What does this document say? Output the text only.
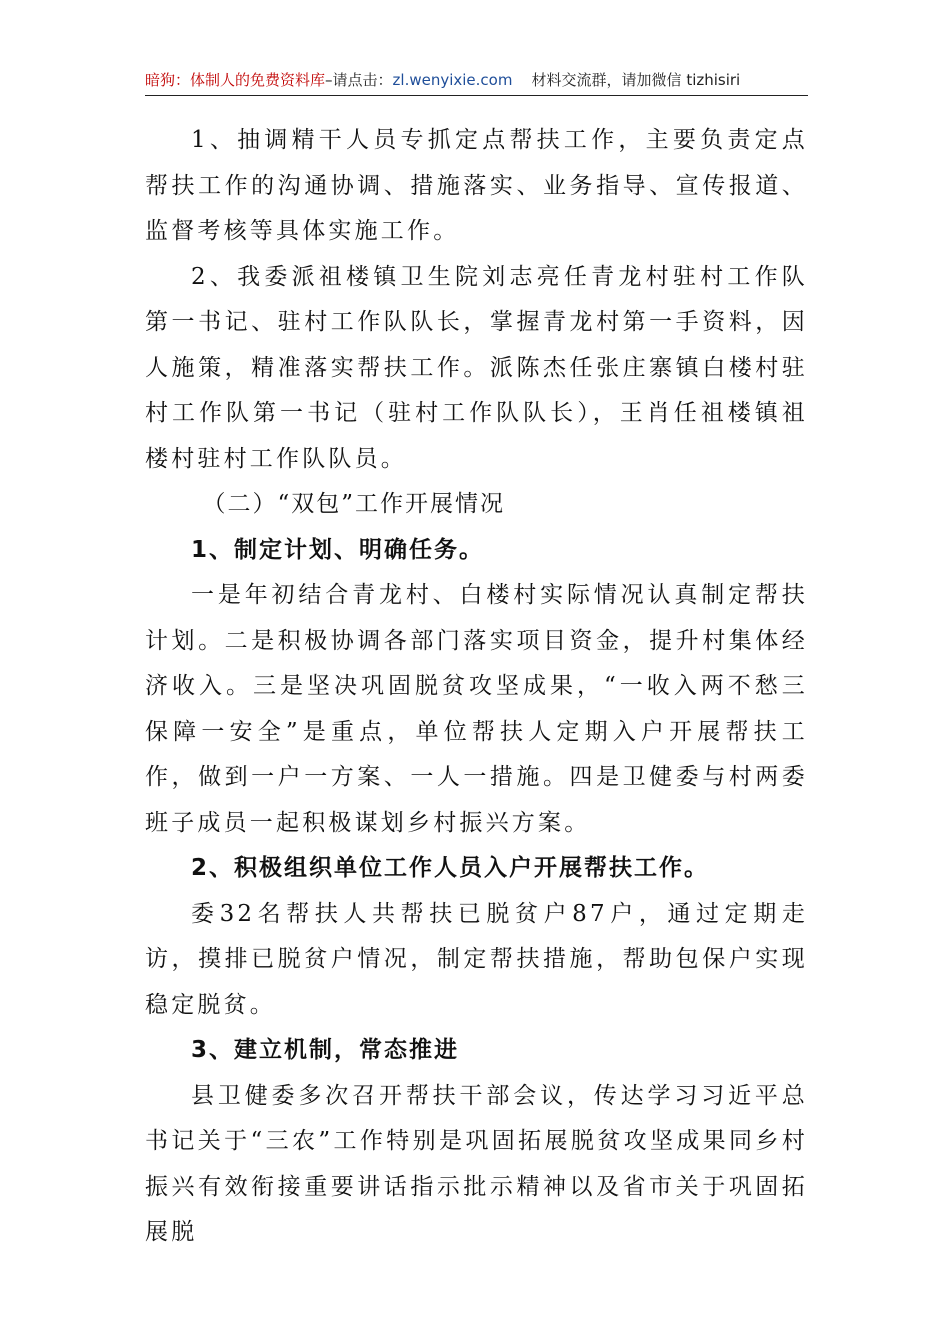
暗狗：体制人的免费资料库–请点击：zl.wenyixie.com 材料交流群，请加微信 tizhisiri

1、抽调精干人员专抓定点帮扶工作，主要负责定点帮扶工作的沟通协调、措施落实、业务指导、宣传报道、监督考核等具体实施工作。

2、我委派祖楼镇卫生院刘志亮任青龙村驻村工作队第一书记、驻村工作队队长，掌握青龙村第一手资料，因人施策，精准落实帮扶工作。派陈杰任张庄寨镇白楼村驻村工作队第一书记（驻村工作队队长），王肖任祖楼镇祖楼村驻村工作队队员。

（二）“双包”工作开展情况

1、制定计划、明确任务。

一是年初结合青龙村、白楼村实际情况认真制定帮扶计划。二是积极协调各部门落实项目资金，提升村集体经济收入。三是坚决巩固脱贫攻坚成果，“一收入两不愁三保障一安全”是重点，单位帮扶人定期入户开展帮扶工作，做到一户一方案、一人一措施。四是卫健委与村两委班子成员一起积极谋划乡村振兴方案。

2、积极组织单位工作人员入户开展帮扶工作。

委32名帮扶人共帮扶已脱贫户87户，通过定期走访，摸排已脱贫户情况，制定帮扶措施，帮助包保户实现稳定脱贫。

3、建立机制，常态推进

县卫健委多次召开帮扶干部会议，传达学习习近平总书记关于“三农”工作特别是巩固拓展脱贫攻坚成果同乡村振兴有效衔接重要讲话指示批示精神以及省市关于巩固拓展脱
